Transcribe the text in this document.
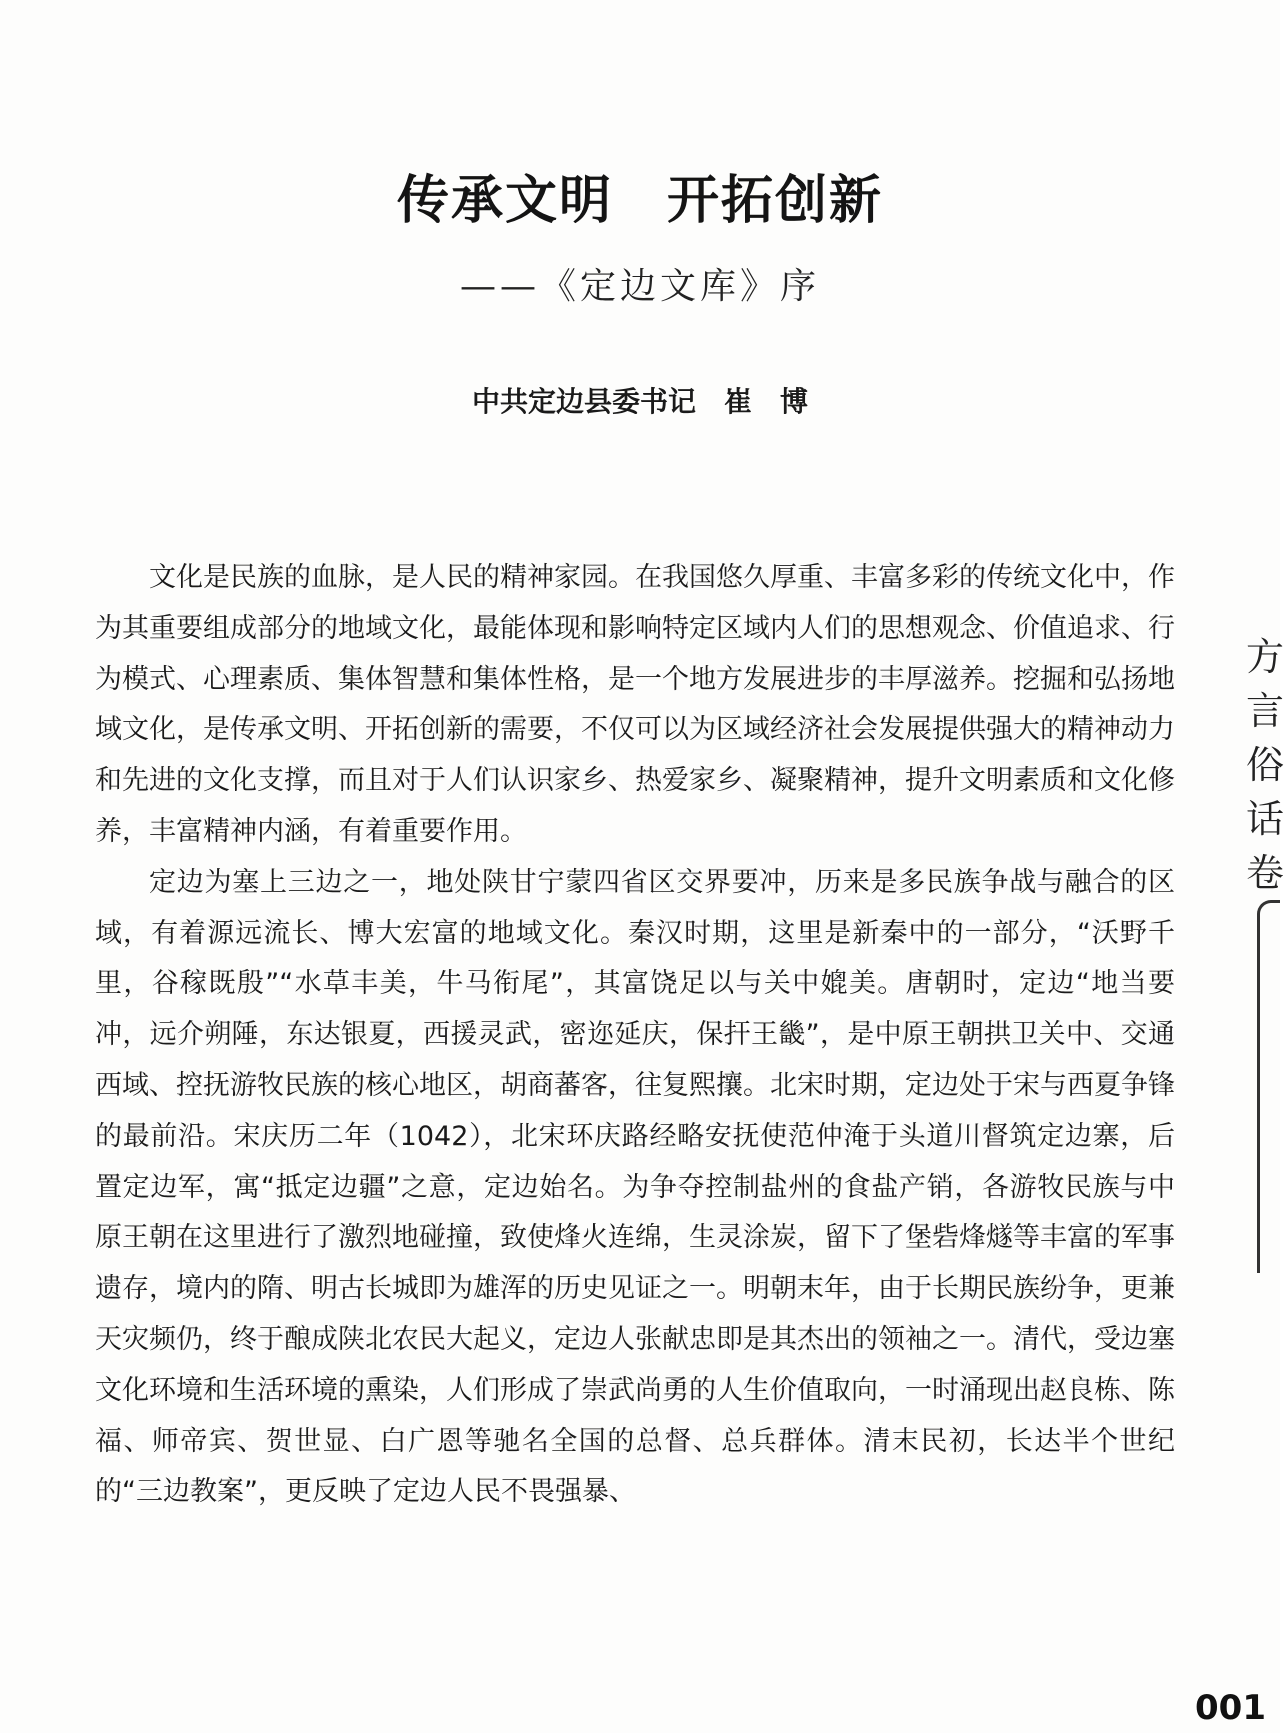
传承文明　开拓创新
——《定边文库》序
中共定边县委书记　崔　博

文化是民族的血脉，是人民的精神家园。在我国悠久厚重、丰富多彩的传统文化中，作为其重要组成部分的地域文化，最能体现和影响特定区域内人们的思想观念、价值追求、行为模式、心理素质、集体智慧和集体性格，是一个地方发展进步的丰厚滋养。挖掘和弘扬地域文化，是传承文明、开拓创新的需要，不仅可以为区域经济社会发展提供强大的精神动力和先进的文化支撑，而且对于人们认识家乡、热爱家乡、凝聚精神，提升文明素质和文化修养，丰富精神内涵，有着重要作用。

定边为塞上三边之一，地处陕甘宁蒙四省区交界要冲，历来是多民族争战与融合的区域，有着源远流长、博大宏富的地域文化。秦汉时期，这里是新秦中的一部分，“沃野千里，谷稼既殷”“水草丰美，牛马衔尾”，其富饶足以与关中媲美。唐朝时，定边“地当要冲，远介朔陲，东达银夏，西援灵武，密迩延庆，保扞王畿”，是中原王朝拱卫关中、交通西域、控抚游牧民族的核心地区，胡商蕃客，往复熙攘。北宋时期，定边处于宋与西夏争锋的最前沿。宋庆历二年（1042），北宋环庆路经略安抚使范仲淹于头道川督筑定边寨，后置定边军，寓“抵定边疆”之意，定边始名。为争夺控制盐州的食盐产销，各游牧民族与中原王朝在这里进行了激烈地碰撞，致使烽火连绵，生灵涂炭，留下了堡砦烽燧等丰富的军事遗存，境内的隋、明古长城即为雄浑的历史见证之一。明朝末年，由于长期民族纷争，更兼天灾频仍，终于酿成陕北农民大起义，定边人张献忠即是其杰出的领袖之一。清代，受边塞文化环境和生活环境的熏染，人们形成了崇武尚勇的人生价值取向，一时涌现出赵良栋、陈福、师帝宾、贺世显、白广恩等驰名全国的总督、总兵群体。清末民初，长达半个世纪的“三边教案”，更反映了定边人民不畏强暴、

方
言
俗
话
卷
001
